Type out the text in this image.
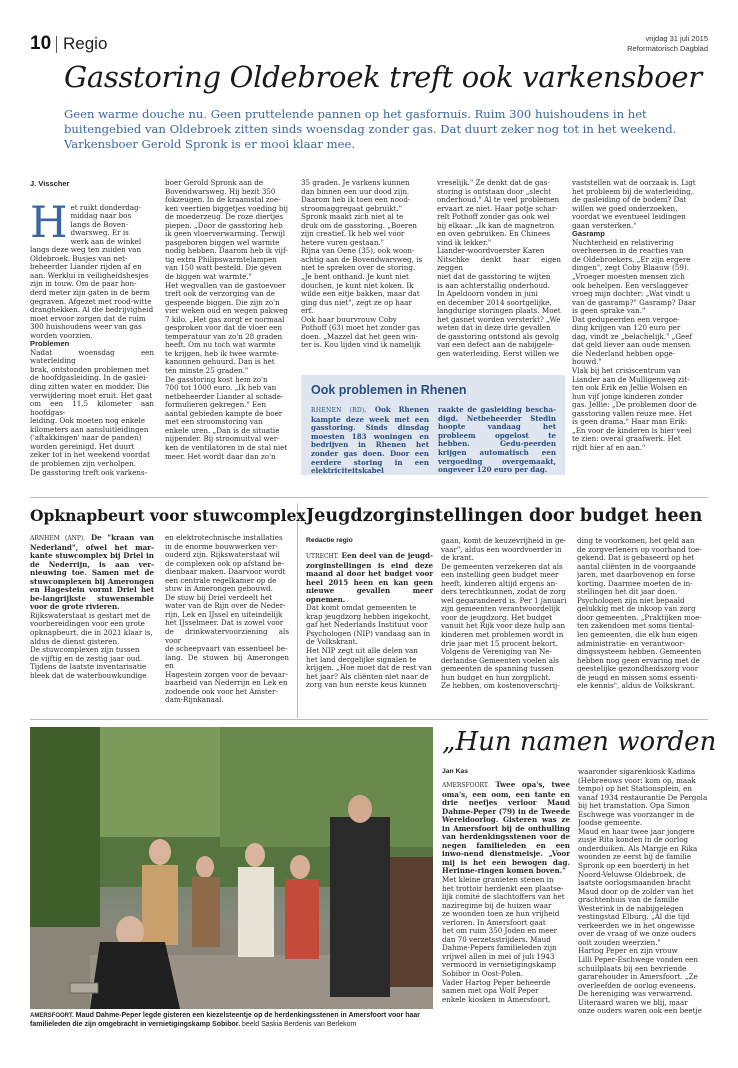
10 Regio	vrijdag 31 juli 2015
Reformatorisch Dagblad
Gasstoring Oldebroek treft ook varkensboer
Geen warme douche nu. Geen pruttelende pannen op het gasfornuis. Ruim 300 huishoudens in het buitengebied van Oldebroek zitten sinds woensdag zonder gas. Dat duurt zeker nog tot in het weekend. Varkensboer Gerold Spronk is er mooi klaar mee.
J. Visscher

Het ruikt donderdag-
middag naar bos
langs de Boven-
dwarsweg. Er is
werk aan de winkel
langs deze weg ten zuiden van
Oldebroek. Busjes van net-
beheerder Liander rijden af en
aan. Werklui in veiligheidshesjes
zijn in touw. Om de paar hon-
derd meter zijn gaten in de berm
gegraven. Afgezet met rood-witte
dranghekken. Al die bedrijvigheid
moet ervoor zorgen dat de ruim
300 huishoudens weer van gas
worden voorzien.

Problemen
Nadat woensdag een waterleiding
brak, ontstonden problemen met
de hoofdgasleiding. In de gaslei-
ding zitten water en modder. Die
verwijdering moet eruit. Het gaat
om een 11,5 kilometer aan hoofdgas-
leiding. Ook moeten nog enkele
kilometers aan aansluitleidingen
('aftakkingen' naar de panden)
worden gereinigd. Het duurt
zeker tot in het weekend voordat
de problemen zijn verholpen.
De gasstoring treft ook varkens-
boer Gerold Spronk aan de
Bovendwarsweg. Hij bezit 350
fokzeugen. In de kraamstal zoe-
ken veertien biggetjes voeding bij
de moederzeug. De roze diertjes
piepen. „Door de gasstoring heb
ik geen vloerverwarming. Terwijl
pasgeboren biggen wel warmte
nodig hebben. Daarom heb ik vijf-
tig extra Philipswarmtelampen
van 150 watt besteld. Die geven
de biggen wat warmte."
Het wegvallen van de gastoevoer
treft ook de verzorging van de
gespeende biggen. Die zijn zo'n
vier weken oud en wegen pakweg
7 kilo. „Het gas zorgt er normaal
gesproken voor dat de vloer een
temperatuur van zo'n 28 graden
heeft. Om nu toch wat warmte
te krijgen, heb ik twee warmte-
kanonnen gehuurd. Dan is het
tén minste 25 graden."
De gasstoring kost hem zo'n
700 tot 1000 euro. „Ik heb van
netbeheerder Liander al schade-
formulieren gekregen." Een
aantal gebieden kampte de boer
met een stroomstoring van
enkele uren. „Dan is de situatie
nijpender. Bij stroomuitval wer-
ken de ventilatoren in de stal niet
meer. Het wordt daar dan zo'n
35 graden. Je varkens kunnen
dan binnen een uur dood zijn.
Daarom heb ik toen een nood-
stroomaggregaat gebruikt."
Spronk maakt zich niet al te
druk om de gasstoring. „Boeren
zijn creatief. Ik heb wel voor
hetere vuren gestaan."
Rijna van Oene (35), ook woon-
achtig aan de Bovendwarsweg, is
niet te spreken over de storing.
„Je bent onthand. Je kunt niet
douchen, je kunt niet koken. Ik
wilde een eitje bakken, maar dat
ging dus niet", zegt ze op haar
erf.
Ook haar buurvrouw Coby
Pothoff (63) moet het zonder gas
doen. „Mazzel dat het geen win-
ter is. Kou lijden vind ik namelijk
vreselijk." Ze denkt dat de gas-
storing is ontstaan door „slecht
onderhoud." Al te veel problemen
ervaart ze niet. Haar potje schar-
relt Pothoff zonder gas ook wel
bij elkaar. „Ik kan de magnetron
en oven gebruiken. En Chinees
vind ik lekker."
Liander-woordvoerster Karen
Nitschke denkt haar eigen zeggen
niet dat de gasstoring te wijten
is aan achterstallig onderhoud.
In Apeldoorn vonden in juni
en december 2014 soortgelijke,
langdurige storingen plaats. Moet
het gasnet worden versterkt? „We
weten dat in deze drie gevallen
de gasstoring ontstond als gevolg
van een defect aan de nabijgele-
gen waterleiding. Eerst willen we
vaststellen wat de oorzaak is. Ligt
het probleem bij de waterleiding,
de gasleiding of de bodem? Dat
willen we goed onderzoeken,
voordat we eventueel leidingen
gaan versterken."

Gasramp
Nuchterheid en relativering
overheersen in de reacties van
de Oldebroekers. „Er zijn ergere
dingen", zegt Coby Blaauw (59).
„Vroeger moesten mensen zich
ook behelpen. Een verslaggever
vroeg mijn dochter: „Wat vindt u
van de gasramp?" Gasramp? Daar
is geen sprake van."
Dat gedupeerden een vergoe-
ding krijgen van 120 euro per
dag, vindt ze „belachelijk." „Geef
dat geld liever aan oude mensen
die Nederland hebben opge-
bouwd."
Vlak bij het crisiscentrum van
Liander aan de Mulligenweg zit-
ten ook Erik en Jellie Wolsen en
hun vijf jonge kinderen zonder
gas. Jellie: „De problemen door de
gasstoring vallen reuze mee. Het
is geen drama." Haar man Erik:
„En voor de kinderen is hier veel
te zien: overal graafwerk. Het
rijdt hier af en aan."
Ook problemen in Rhenen
RHENEN (RD). Ook Rhenen kampte deze week met een gasstoring. Sinds dinsdag moesten 183 woningen en bedrijven in Rhenen het zonder gas doen. Door een eerdere storing in een elektriciteitskabel
raakte de gasleiding bescha-digd. Netbeheerder Stedin hoopte vandaag het probleem opgelost te hebben. Gedu-peerden krijgen automatisch een vergoeding overgemaakt, ongeveer 120 euro per dag.
Opknapbeurt voor stuwcomplex
ARNHEM (ANP). De "kraan van Nederland", ofwel het mar-kante stuwcomplex bij Driel in de Nederrijn, is aan ver-nieuwing toe. Samen met de stuwcomplexen bij Amerongen en Hagestein vormt Driel het be-langrijkste stuwensemble voor de grote rivieren.
Rijkswaterstaat is gestart met de
voorbereidingen voor een grote
opknapbeurt, die in 2021 klaar is,
aldus de dienst gisteren.
De stuwcomplexen zijn tussen
de vijftig en de zestig jaar oud.
Tijdens de laatste inventarisatie
bleek dat de waterbouwkundige
en elektrotechnische installaties
in de enorme bouwwerken ver-
ouderd zijn. Rijkswaterstaat wil
de complexen ook op afstand be-
dienbaar maken. Daarvoor wordt
een centrale regelkamer op de
stuw in Amerongen gebouwd.
De stuw bij Driel verdeelt het
water van de Rijn over de Neder-
rijn, Lek en IJssel en uiteindelijk
het IJsselmeer. Dat is zowel voor
de drinkwatervoorziening als voor
de scheepvaart van essentieel be-
lang. De stuwen bij Amerongen en
Hagestein zorgen voor de bevaar-
baarheid van Nederrijn en Lek en
zodoende ook voor het Amster-
dam-Rijnkanaal.
Jeugdzorginstellingen door budget heen
Redactie regio
UTRECHT. Een deel van de jeugd-zorginstellingen is eind deze maand al door het budget voor heel 2015 heen en kan geen nieuwe gevallen meer opnemen.
Dat komt omdat gemeenten te
krap jeugdzorg hebben ingekocht,
gaf het Nederlands Instituut voor
Psychologen (NIP) vandaag aan in
de Volkskrant.
Het NIP zegt uit alle delen van
het land dergelijke signalen te
krijgen. „Hoe moet dat de rest van
het jaar? Als cliënten niet naar de
zorg van hun eerste keus kunnen
gaan, komt de keuzevrijheid in ge-
vaar", aldus een woordvoerder in
de krant.
De gemeenten verzekeren dat als
een instelling geen budget meer
heeft, kinderen altijd ergens an-
ders terechtkunnen, zodat de zorg
wel gegarandeerd is. Per 1 januari
zijn gemeenten verantwoordelijk
voor de jeugdzorg. Het budget
vanuit het Rijk voor deze hulp aan
kinderen met problemen wordt in
drie jaar met 15 procent bekort.
Volgens de Vereniging van Ne-
derlandse Gemeenten voelen als
gemeenten de spanning tussen
hun budget en hun zorgplicht.
Ze hebben, om kostenoverschrij-
ding te voorkomen, het geld aan
de zorgverleners op voorhand toe-
gekend. Dat is gebaseerd op het
aantal cliënten in de voorgaande
jaren, met daarbovenop en forse
korting. Daarmee moeten de in-
stellingen het dit jaar doen.
Psychologen zijn niet bepaald
gelukkig met de inkoop van zorg
door gemeenten. „Praktijken moe-
ten zakendoen met soms tiental-
len gemeenten, die elk hun eigen
administratie- en verantwoor-
dingssysteem hebben. Gemeenten
hebben nog geen ervaring met de
geestelijke gezondheidszorg voor
de jeugd en missen soms essenti-
ele kennis", aldus de Volkskrant.
AMERSFOORT. Maud Dahme-Peper legde gisteren een kiezelsteentje op de herdenkingsstenen in Amersfoort voor haar familieleden die zijn omgebracht in vernietigingskamp Sobibor. beeld Saskia Berdenis van Berlekom
„Hun namen worden
Jan Kas
AMERSFOORT. Twee opa's, twee oma's, een oom, een tante en drie neefjes verloor Maud Dahme-Peper (79) in de Tweede Wereldoorlog. Gisteren was ze in Amersfoort bij de onthulling van herdenkingsstenen voor de negen familieleden en een inwo-nend dienstmeisje. „Voor mij is het een bewogen dag. Herinne-ringen komen boven."
Met kleine granieten stenen in
het trottoir herdenkt een plaatse-
lijk comité de slachtoffers van het
naziregime bij de huizen waar
ze woonden toen ze hun vrijheid
verloren. In Amersfoort gaat
het om ruim 350 Joden en meer
dan 70 verzetsstrijders. Maud
Dahme-Pepers familieleden zijn
vrijwel allen in mei of juli 1943
vermoord in vernietigingskamp
Sobibor in Oost-Polen.
Vader Hartog Peper beheerde
samen met opa Wolf Peper
enkele kiosken in Amersfoort,
waaronder sigarenkiosk Kadima
(Hebreeuws voor: kom op, maak
tempo) op het Stationsplein, en
vanaf 1934 restaurantie De Pergola
bij het tramstation. Opa Simon
Eschwege was voorzanger in de
Joodse gemeente.
Maud en haar twee jaar jongere
zusje Rita konden in de oorlog
onderduiken. Als Margje en Rika
woonden ze eerst bij de familie
Spronk op een boerderij in het
Noord-Veluwse Oldebroek, de
laatste oorlogsmaanden bracht
Maud door op de zolder van het
grachtenhuis van de familie
Westerink in de nabijgelegen
vestingstad Elburg. „Al die tijd
verkeerden we in het ongewisse
over de vraag of we onze ouders
ooit zouden weerzien."
Hartog Peper en zijn vrouw
Lilli Peper-Eschwege vonden een
schuilplaats bij een bevriende
garагehouder in Amersfoort. „Ze
overleefden de oorlog eveneens.
De hereniging was verwarrend.
Uiteraard waren we blij, maar
onze ouders waren ook een beetje
